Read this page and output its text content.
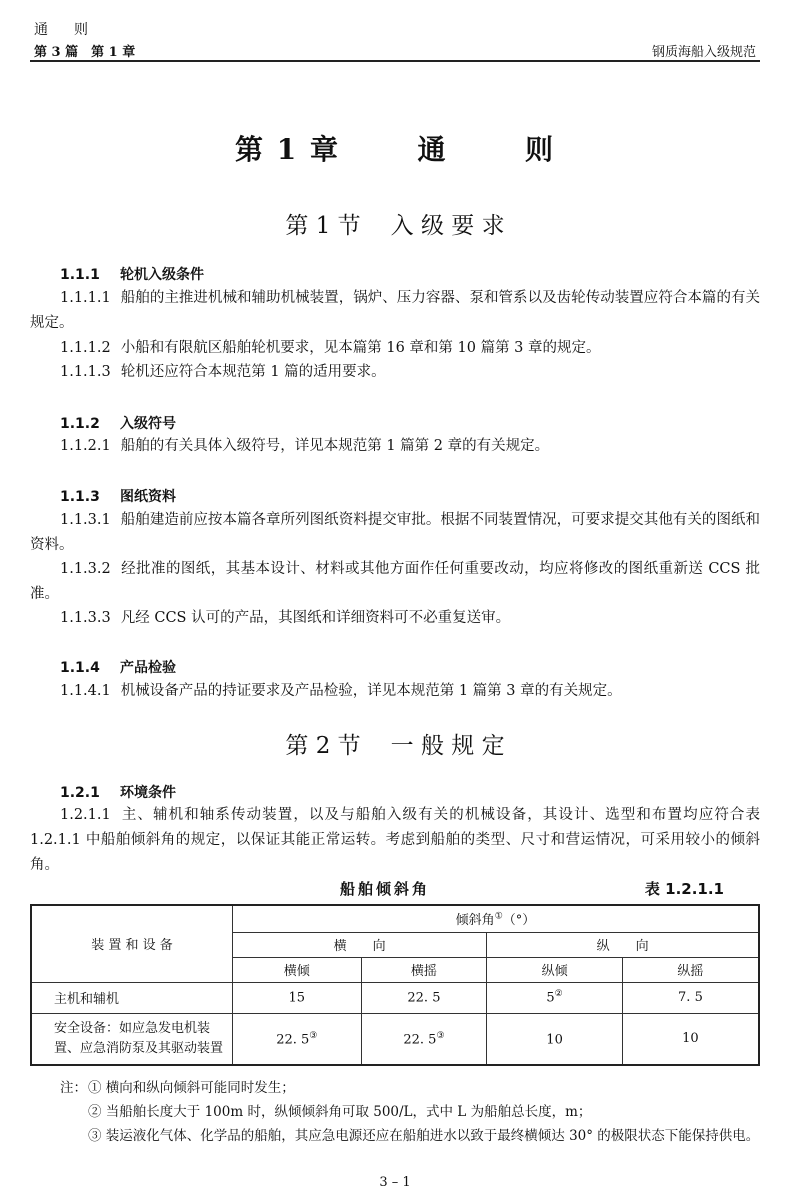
通　则
第 3 篇　第 1 章	钢质海船入级规范
第 1 章	通	则
第 1 节 入 级 要 求
1.1.1 轮机入级条件
1.1.1.1 船舶的主推进机械和辅助机械装置，锅炉、压力容器、泵和管系以及齿轮传动装置应符合本篇的有关规定。
1.1.1.2 小船和有限航区船舶轮机要求，见本篇第 16 章和第 10 篇第 3 章的规定。
1.1.1.3 轮机还应符合本规范第 1 篇的适用要求。
1.1.2 入级符号
1.1.2.1 船舶的有关具体入级符号，详见本规范第 1 篇第 2 章的有关规定。
1.1.3 图纸资料
1.1.3.1 船舶建造前应按本篇各章所列图纸资料提交审批。根据不同装置情况，可要求提交其他有关的图纸和资料。
1.1.3.2 经批准的图纸，其基本设计、材料或其他方面作任何重要改动，均应将修改的图纸重新送 CCS 批准。
1.1.3.3 凡经 CCS 认可的产品，其图纸和详细资料可不必重复送审。
1.1.4 产品检验
1.1.4.1 机械设备产品的持证要求及产品检验，详见本规范第 1 篇第 3 章的有关规定。
第 2 节 一 般 规 定
1.2.1 环境条件
1.2.1.1 主、辅机和轴系传动装置，以及与船舶入级有关的机械设备，其设计、选型和布置均应符合表 1.2.1.1 中船舶倾斜角的规定，以保证其能正常运转。考虑到船舶的类型、尺寸和营运情况，可采用较小的倾斜角。
船舶倾斜角	表 1.2.1.1
装 置 和 设 备	倾斜角①（°）			
	横　　向		纵　　向	
	横倾	横摇	纵倾	纵摇
主机和辅机	15	22. 5	5②	7. 5
安全设备：如应急发电机装置、应急消防泵及其驱动装置	22. 5③	22. 5③	10	10
注： ① 横向和纵向倾斜可能同时发生；
② 当船舶长度大于 100m 时，纵倾倾斜角可取 500/L，式中 L 为船舶总长度，m；
③ 装运液化气体、化学品的船舶，其应急电源还应在船舶进水以致于最终横倾达 30° 的极限状态下能保持供电。
3 – 1
